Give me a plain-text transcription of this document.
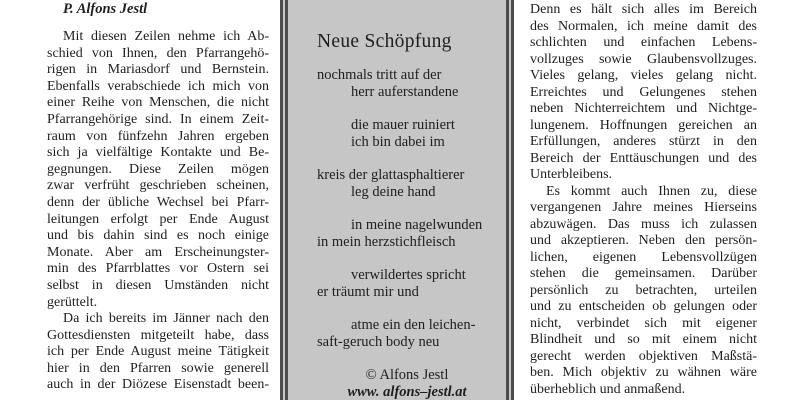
P. Alfons Jestl
Mit diesen Zeilen nehme ich Ab-
schied von Ihnen, den Pfarrangehö-
rigen in Mariasdorf und Bernstein.
Ebenfalls verabschiede ich mich von
einer Reihe von Menschen, die nicht
Pfarrangehörige sind. In einem Zeit-
raum von fünfzehn Jahren ergeben
sich ja vielfältige Kontakte und Be-
gegnungen. Diese Zeilen mögen
zwar verfrüht geschrieben scheinen,
denn der übliche Wechsel bei Pfarr-
leitungen erfolgt per Ende August
und bis dahin sind es noch einige
Monate. Aber am Erscheinungster-
min des Pfarrblattes vor Ostern sei
selbst in diesen Umständen nicht
gerüttelt.
Da ich bereits im Jänner nach den
Gottesdiensten mitgeteilt habe, dass
ich per Ende August meine Tätigkeit
hier in den Pfarren sowie generell
auch in der Diözese Eisenstadt been-
Neue Schöpfung
nochmals tritt auf der
herr auferstandene
die mauer ruiniert
ich bin dabei im
kreis der glattasphaltierer
leg deine hand
in meine nagelwunden
in mein herzstichfleisch
verwildertes spricht
er träumt mir und
atme ein den leichen-
saft-geruch body neu
© Alfons Jestl
www. alfons–jestl.at
Denn es hält sich alles im Bereich
des Normalen, ich meine damit des
schlichten und einfachen Lebens-
vollzuges sowie Glaubensvollzuges.
Vieles gelang, vieles gelang nicht.
Erreichtes und Gelungenes stehen
neben Nichterreichtem und Nichtge-
lungenem. Hoffnungen gereichen an
Erfüllungen, anderes stürzt in den
Bereich der Enttäuschungen und des
Unterbleibens.
Es kommt auch Ihnen zu, diese
vergangenen Jahre meines Hierseins
abzuwägen. Das muss ich zulassen
und akzeptieren. Neben den persön-
lichen, eigenen Lebensvollzügen
stehen die gemeinsamen. Darüber
persönlich zu betrachten, urteilen
und zu entscheiden ob gelungen oder
nicht, verbindet sich mit eigener
Blindheit und so mit einem nicht
gerecht werden objektiven Maßstä-
ben. Mich objektiv zu wähnen wäre
überheblich und anmaßend.
